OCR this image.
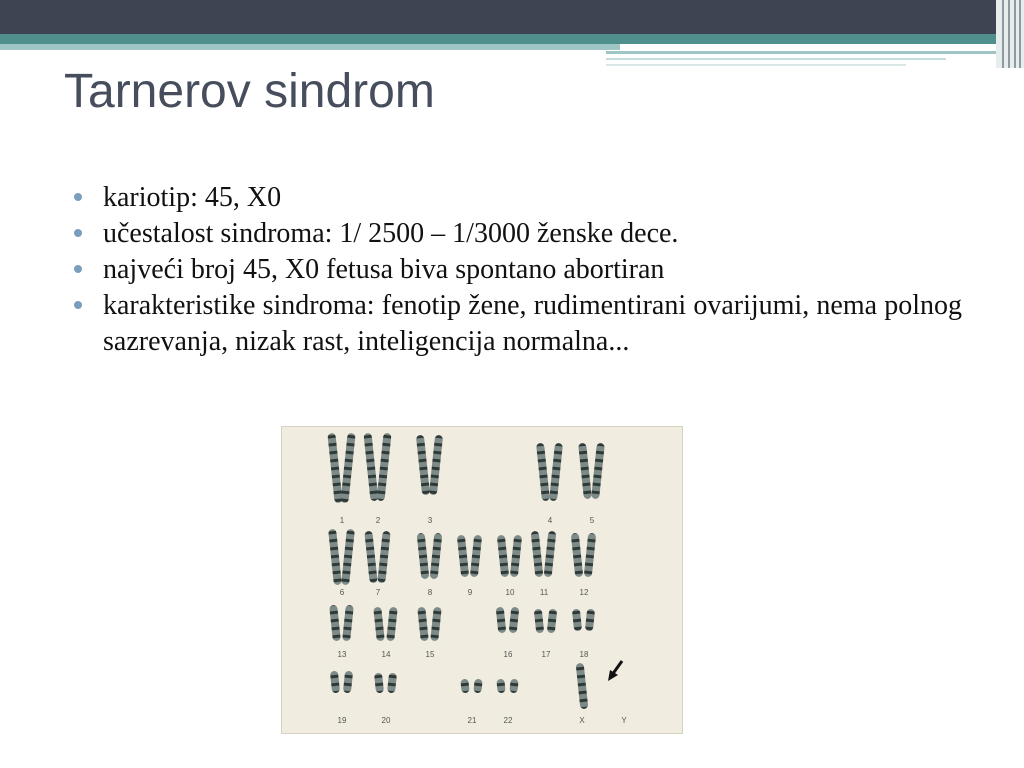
Tarnerov sindrom
kariotip: 45, X0
učestalost sindroma: 1/ 2500 – 1/3000 ženske dece.
najveći broj 45, X0 fetusa biva spontano abortiran
karakteristike sindroma: fenotip žene, rudimentirani ovarijumi, nema polnog sazrevanja, nizak rast, inteligencija normalna...
1	2	3	4	5
6	7	8	9	10	11	12
13	14	15	16	17	18
19	20	21	22	X	Y
